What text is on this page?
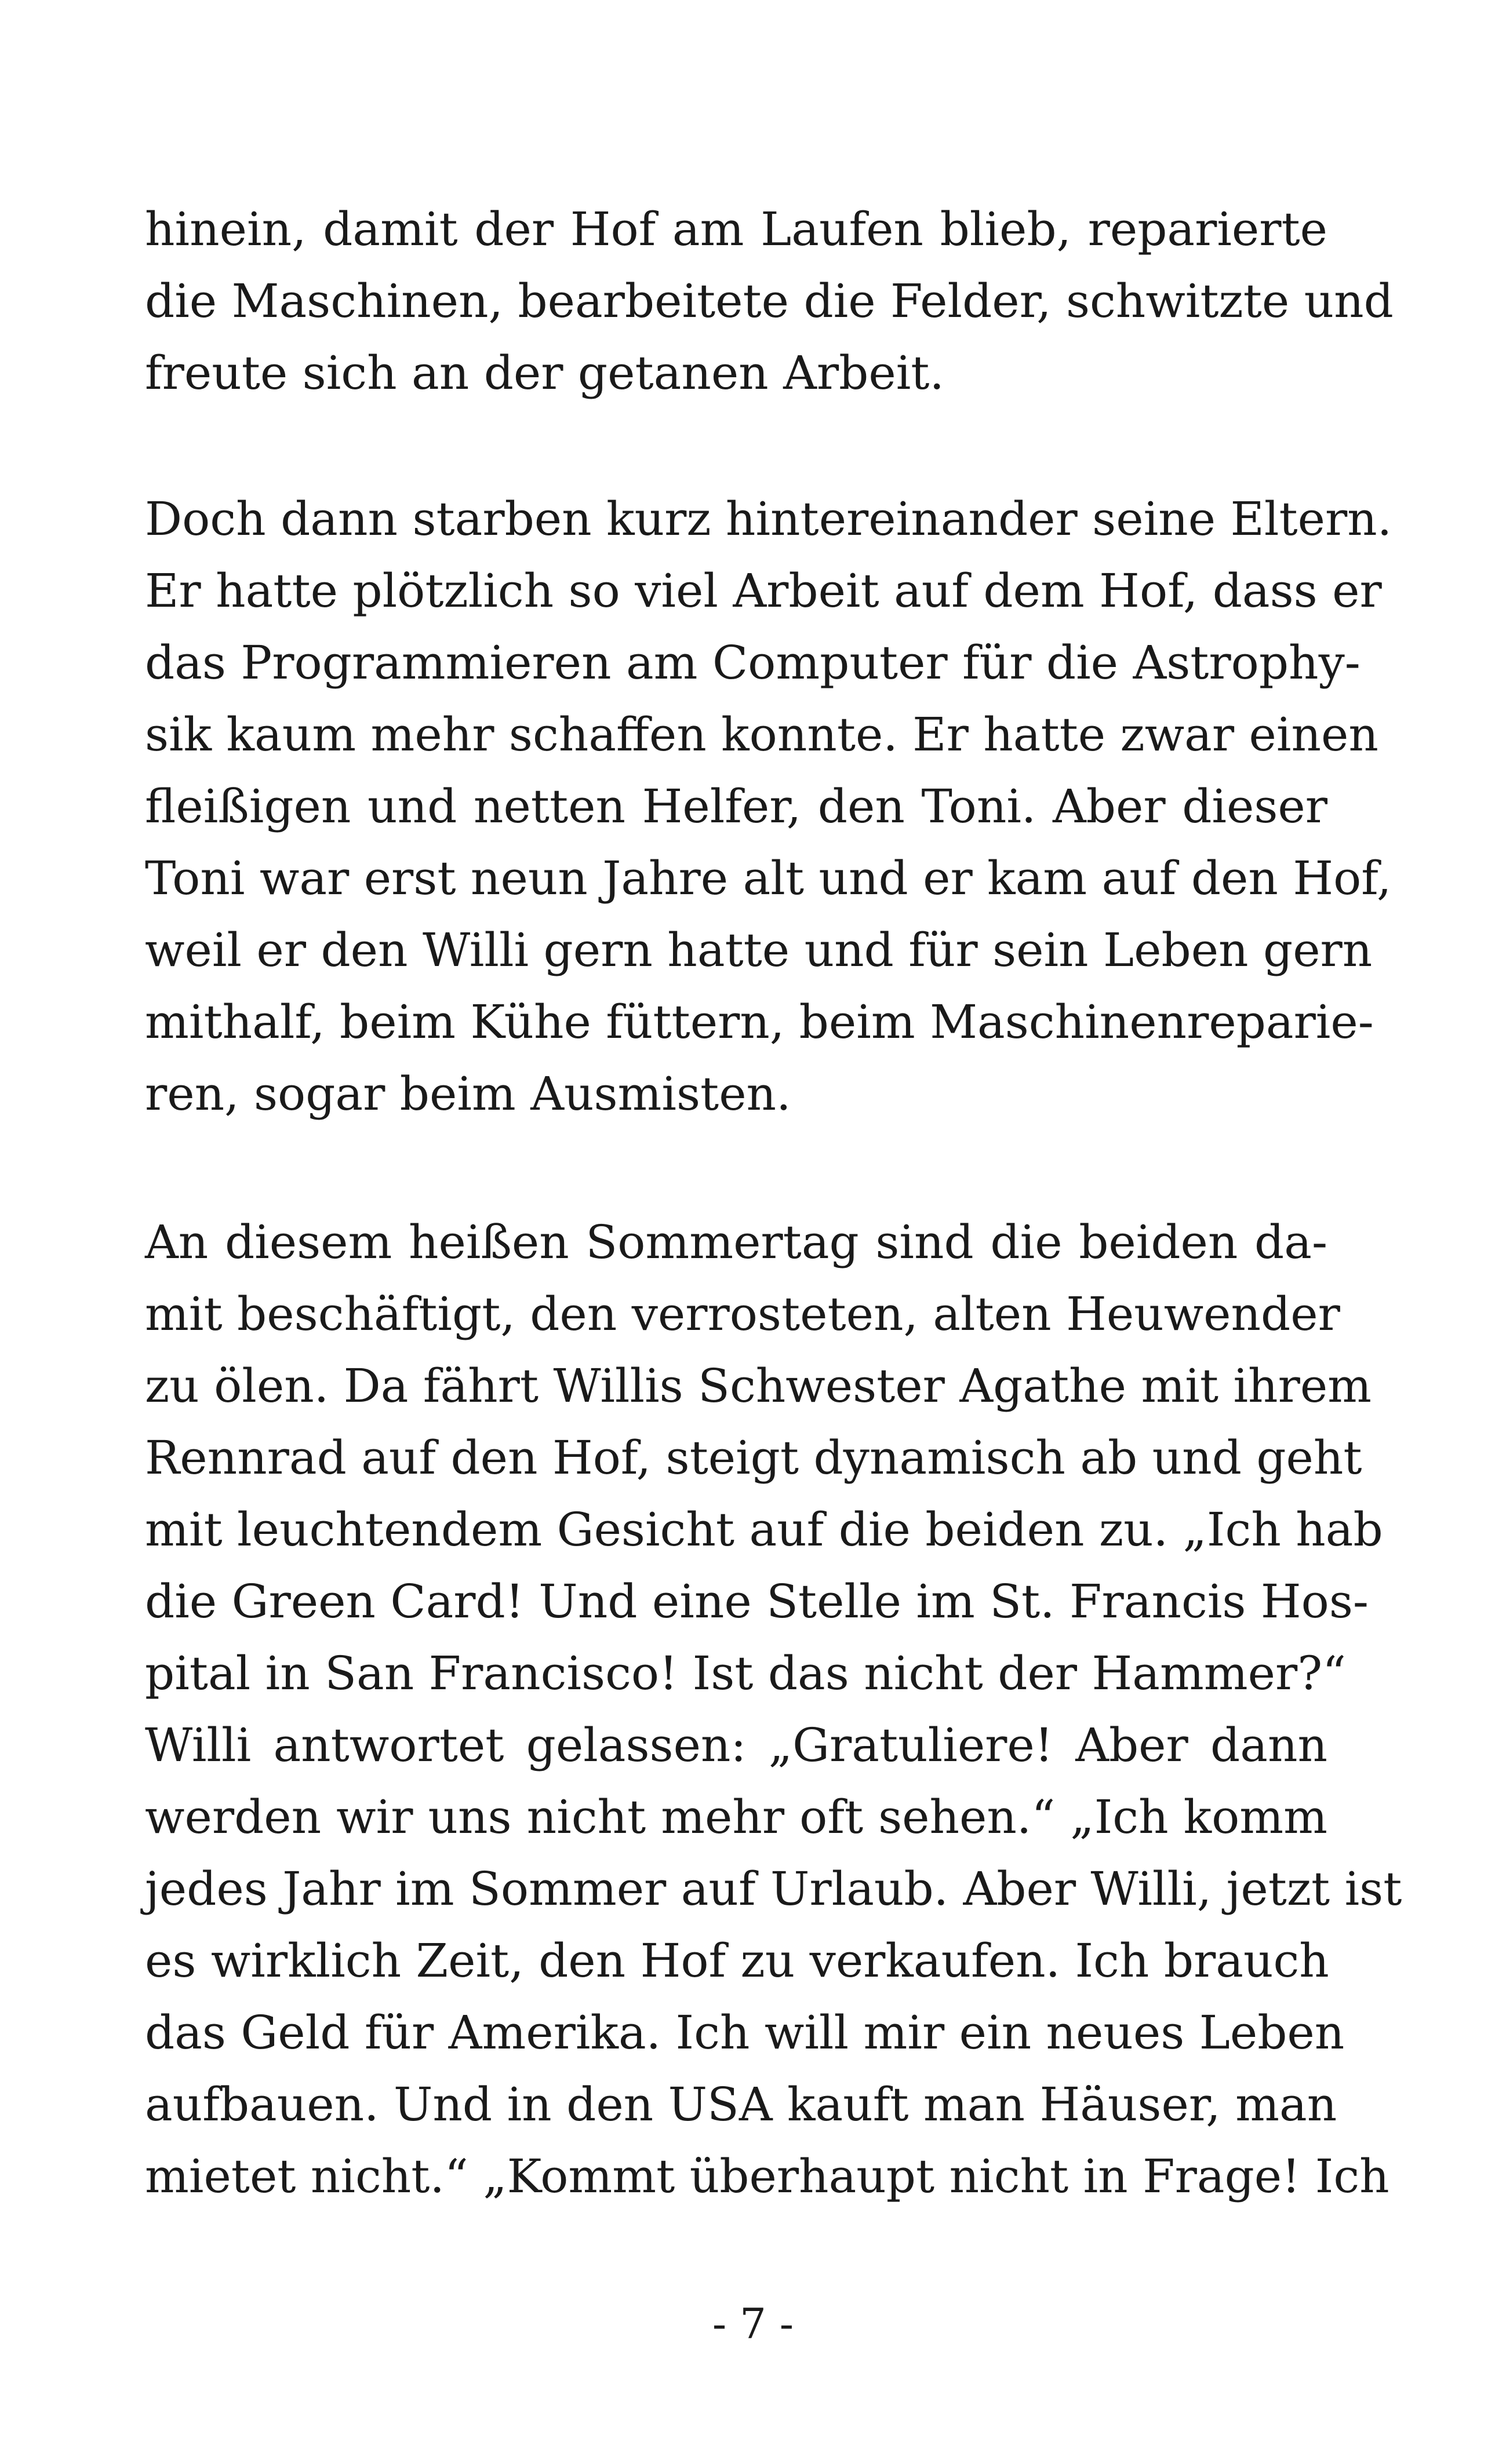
hinein, damit der Hof am Laufen blieb, reparierte
die Maschinen, bearbeitete die Felder, schwitzte und
freute sich an der getanen Arbeit.
Doch dann starben kurz hintereinander seine Eltern.
Er hatte plötzlich so viel Arbeit auf dem Hof, dass er
das Programmieren am Computer für die Astrophy-
sik kaum mehr schaffen konnte. Er hatte zwar einen
fleißigen und netten Helfer, den Toni. Aber dieser
Toni war erst neun Jahre alt und er kam auf den Hof,
weil er den Willi gern hatte und für sein Leben gern
mithalf, beim Kühe füttern, beim Maschinenreparie-
ren, sogar beim Ausmisten.
An diesem heißen Sommertag sind die beiden da-
mit beschäftigt, den verrosteten, alten Heuwender
zu ölen. Da fährt Willis Schwester Agathe mit ihrem
Rennrad auf den Hof, steigt dynamisch ab und geht
mit leuchtendem Gesicht auf die beiden zu. „Ich hab
die Green Card! Und eine Stelle im St. Francis Hos-
pital in San Francisco! Ist das nicht der Hammer?“
Willi antwortet gelassen: „Gratuliere! Aber dann
werden wir uns nicht mehr oft sehen.“ „Ich komm
jedes Jahr im Sommer auf Urlaub. Aber Willi, jetzt ist
es wirklich Zeit, den Hof zu verkaufen. Ich brauch
das Geld für Amerika. Ich will mir ein neues Leben
aufbauen. Und in den USA kauft man Häuser, man
mietet nicht.“ „Kommt überhaupt nicht in Frage! Ich
- 7 -
